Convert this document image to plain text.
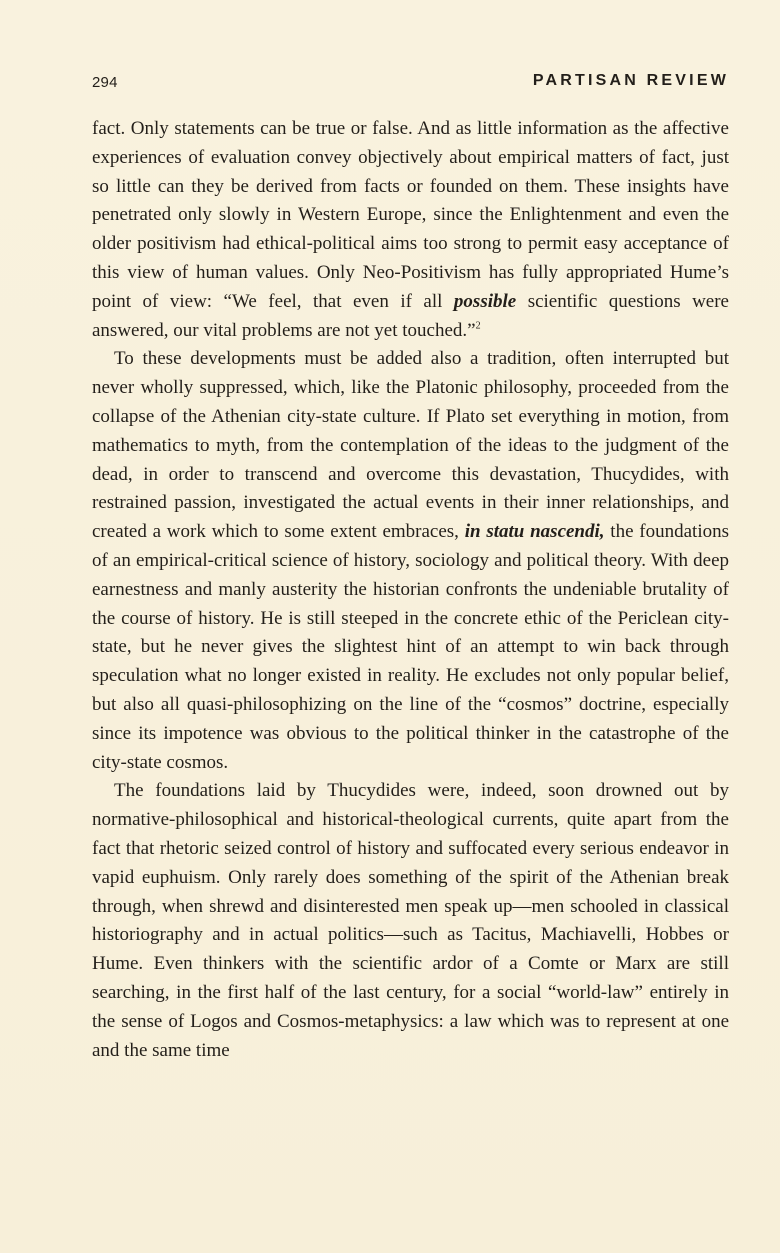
294	PARTISAN REVIEW

fact. Only statements can be true or false. And as little information as the affective experiences of evaluation convey objectively about empirical matters of fact, just so little can they be derived from facts or founded on them. These insights have penetrated only slowly in Western Europe, since the Enlightenment and even the older positivism had ethical-political aims too strong to permit easy acceptance of this view of human values. Only Neo-Positivism has fully appropriated Hume’s point of view: “We feel, that even if all possible scientific questions were answered, our vital problems are not yet touched.”$^2$

To these developments must be added also a tradition, often interrupted but never wholly suppressed, which, like the Platonic philosophy, proceeded from the collapse of the Athenian city-state culture. If Plato set everything in motion, from mathematics to myth, from the contemplation of the ideas to the judgment of the dead, in order to transcend and overcome this devastation, Thucydides, with restrained passion, investigated the actual events in their inner relationships, and created a work which to some extent embraces, in statu nascendi, the foundations of an empirical-critical science of history, sociology and political theory. With deep earnestness and manly austerity the historian confronts the undeniable brutality of the course of history. He is still steeped in the concrete ethic of the Periclean city-state, but he never gives the slightest hint of an attempt to win back through speculation what no longer existed in reality. He excludes not only popular belief, but also all quasi-philosophizing on the line of the “cosmos” doctrine, especially since its impotence was obvious to the political thinker in the catastrophe of the city-state cosmos.

The foundations laid by Thucydides were, indeed, soon drowned out by normative-philosophical and historical-theological currents, quite apart from the fact that rhetoric seized control of history and suffocated every serious endeavor in vapid euphuism. Only rarely does something of the spirit of the Athenian break through, when shrewd and disinterested men speak up—men schooled in classical historiography and in actual politics—such as Tacitus, Machiavelli, Hobbes or Hume. Even thinkers with the scientific ardor of a Comte or Marx are still searching, in the first half of the last century, for a social “world-law” entirely in the sense of Logos and Cosmos-metaphysics: a law which was to represent at one and the same time
